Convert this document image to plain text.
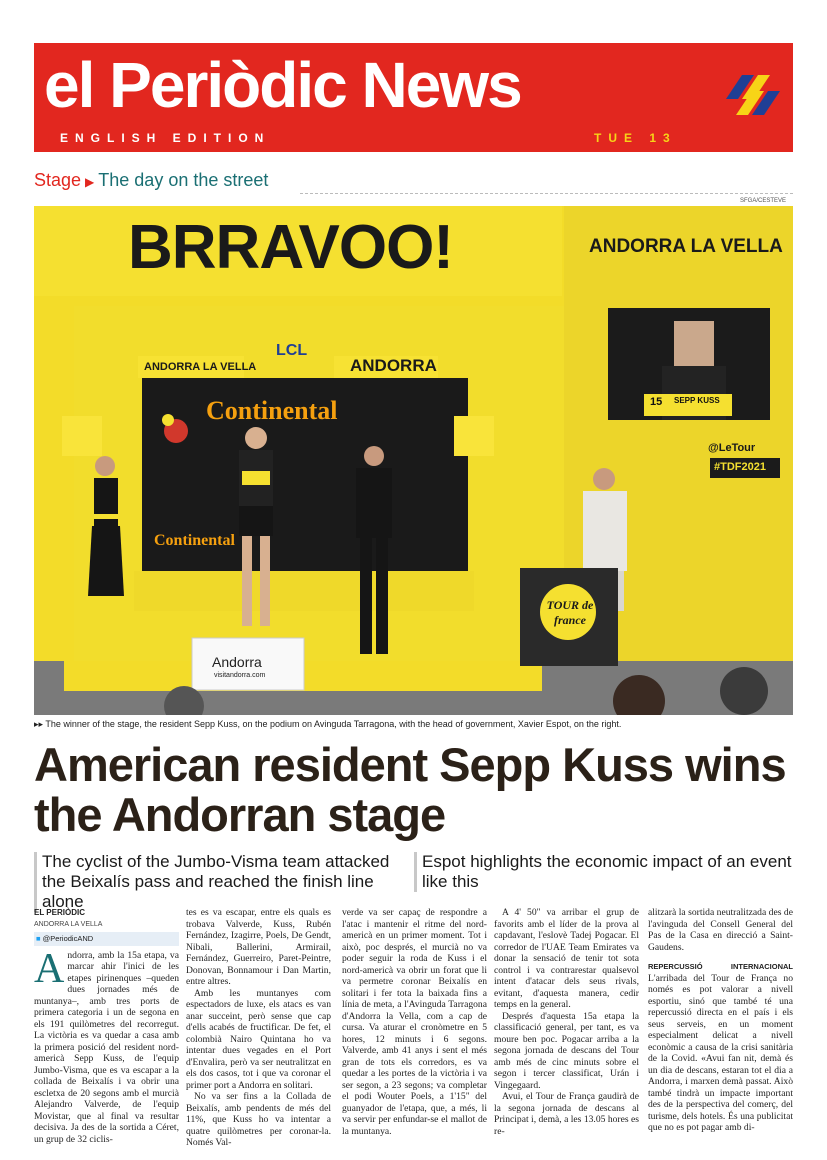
el Periòdic News
ENGLISH EDITION	TUE 13
Stage ▶ The day on the street
SFGA/CESTEVE
BRRAVOO!	ANDORRA LA VELLA
ANDORRA LA VELLA	ANDORRA
LCL
Continental
Continental
Andorra
visitandorra.com
15 SEPP KUSS
@LeTour
#TDF2021
TOUR de france
▸▸ The winner of the stage, the resident Sepp Kuss, on the podium on Avinguda Tarragona, with the head of government, Xavier Espot, on the right.
American resident Sepp Kuss wins the Andorran stage
The cyclist of the Jumbo-Visma team attacked the Beixalís pass and reached the finish line alone
Espot highlights the economic impact of an event like this
EL PERIÒDIC
ANDORRA LA VELLA
■ @PeriodicAND

Andorra, amb la 15a etapa, va marcar ahir l'inici de les etapes pirinenques –queden dues jornades més de muntanya–, amb tres ports de primera categoria i un de segona en els 191 quilòmetres del recorregut. La victòria es va quedar a casa amb la primera posició del resident nord-americà Sepp Kuss, de l'equip Jumbo-Visma, que es va escapar a la collada de Beixalís i va obrir una escletxa de 20 segons amb el murcià Alejandro Valverde, de l'equip Movistar, que al final va resultar decisiva. Ja des de la sortida a Céret, un grup de 32 ciclis-

tes es va escapar, entre els quals es trobava Valverde, Kuss, Rubén Fernández, Izagirre, Poels, De Gendt, Nibali, Ballerini, Armirail, Fernández, Guerreiro, Paret-Peintre, Donovan, Bonnamour i Dan Martin, entre altres.

Amb les muntanyes com espectadors de luxe, els atacs es van anar succeint, però sense que cap d'ells acabés de fructificar. De fet, el colombià Nairo Quintana ho va intentar dues vegades en el Port d'Envalira, però va ser neutralitzat en els dos casos, tot i que va coronar el primer port a Andorra en solitari.

No va ser fins a la Collada de Beixalís, amb pendents de més del 11%, que Kuss ho va intentar a quatre quilòmetres per coronar-la. Només Val-

verde va ser capaç de respondre a l'atac i mantenir el ritme del nord-americà en un primer moment. Tot i això, poc després, el murcià no va poder seguir la roda de Kuss i el nord-americà va obrir un forat que li va permetre coronar Beixalís en solitari i fer tota la baixada fins a línia de meta, a l'Avinguda Tarragona d'Andorra la Vella, com a cap de cursa. Va aturar el cronòmetre en 5 hores, 12 minuts i 6 segons. Valverde, amb 41 anys i sent el més gran de tots els corredors, es va quedar a les portes de la victòria i va ser segon, a 23 segons; va completar el podi Wouter Poels, a 1'15" del guanyador de l'etapa, que, a més, li va servir per enfundar-se el mallot de la muntanya.

A 4' 50" va arribar el grup de favorits amb el líder de la prova al capdavant, l'eslovè Tadej Pogacar. El corredor de l'UAE Team Emirates va donar la sensació de tenir tot sota control i va contrarestar qualsevol intent d'atacar dels seus rivals, evitant, d'aquesta manera, cedir temps en la general.

Després d'aquesta 15a etapa la classificació general, per tant, es va moure ben poc. Pogacar arriba a la segona jornada de descans del Tour amb més de cinc minuts sobre el segon i tercer classificat, Urán i Vingegaard.

Avui, el Tour de França gaudirà de la segona jornada de descans al Principat i, demà, a les 13.05 hores es re-

alitzarà la sortida neutralitzada des de l'avinguda del Consell General del Pas de la Casa en direcció a Saint-Gaudens.

REPERCUSSIÓ INTERNACIONAL L'arribada del Tour de França no només es pot valorar a nivell esportiu, sinó que també té una repercussió directa en el país i els seus serveis, en un moment especialment delicat a nivell econòmic a causa de la crisi sanitària de la Covid. «Avui fan nit, demà és un dia de descans, estaran tot el dia a Andorra, i marxen demà passat. Això també tindrà un impacte important des de la perspectiva del comerç, del turisme, dels hotels. És una publicitat que no es pot pagar amb di-
